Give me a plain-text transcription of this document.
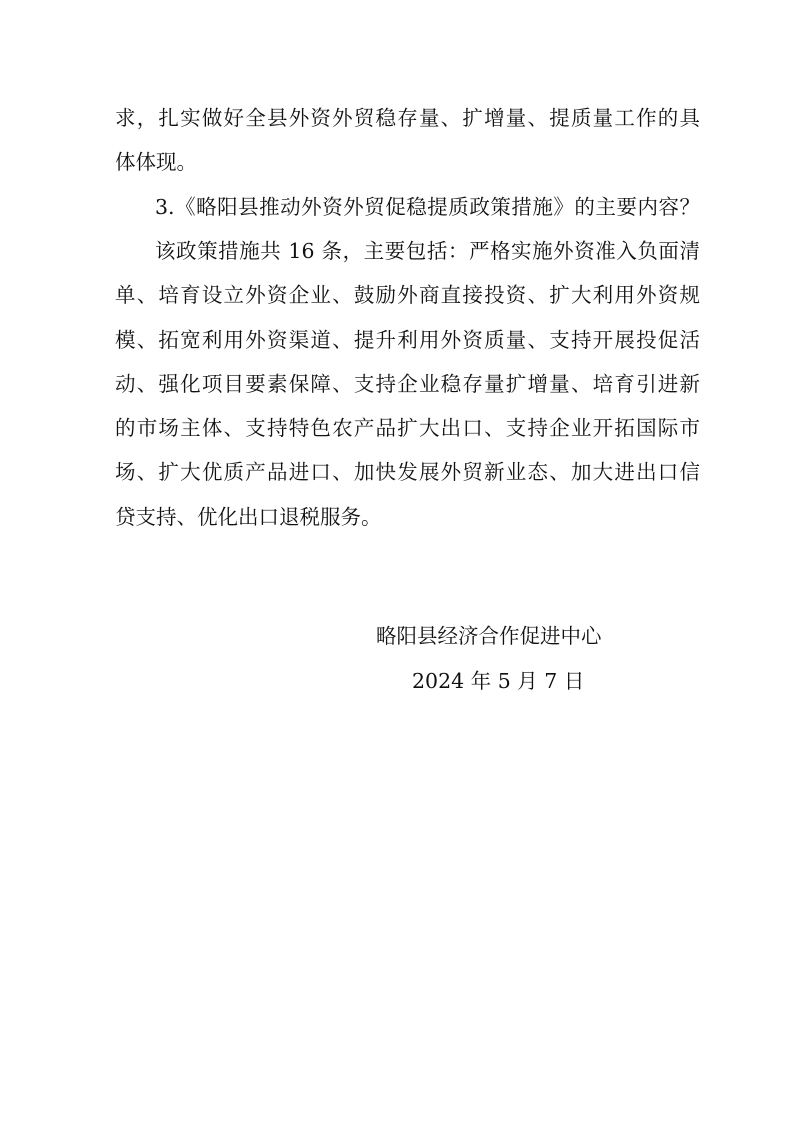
求，扎实做好全县外资外贸稳存量、扩增量、提质量工作的具
体体现。
3.《略阳县推动外资外贸促稳提质政策措施》的主要内容？
该政策措施共 16 条，主要包括：严格实施外资准入负面清
单、培育设立外资企业、鼓励外商直接投资、扩大利用外资规
模、拓宽利用外资渠道、提升利用外资质量、支持开展投促活
动、强化项目要素保障、支持企业稳存量扩增量、培育引进新
的市场主体、支持特色农产品扩大出口、支持企业开拓国际市
场、扩大优质产品进口、加快发展外贸新业态、加大进出口信
贷支持、优化出口退税服务。
略阳县经济合作促进中心
2024 年 5 月 7 日
